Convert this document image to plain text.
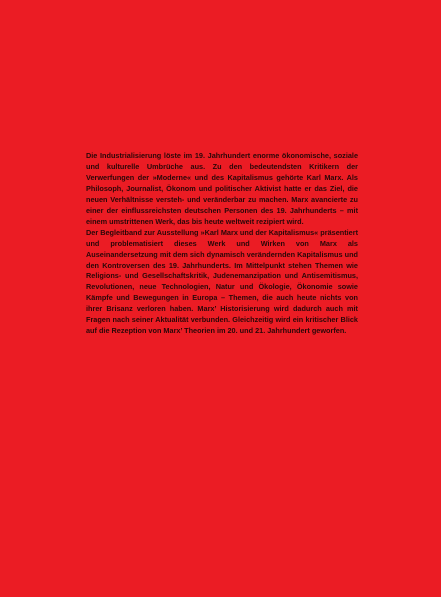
Die Industrialisierung löste im 19. Jahrhundert enorme ökonomische, soziale und kulturelle Umbrüche aus. Zu den bedeutendsten Kritikern der Verwerfungen der »Moderne« und des Kapitalismus gehörte Karl Marx. Als Philosoph, Journalist, Ökonom und politischer Aktivist hatte er das Ziel, die neuen Verhältnisse versteh- und veränderbar zu machen. Marx avancierte zu einer der einflussreichsten deutschen Personen des 19. Jahrhunderts – mit einem umstrittenen Werk, das bis heute weltweit rezipiert wird.

Der Begleitband zur Ausstellung »Karl Marx und der Kapitalismus« präsentiert und problematisiert dieses Werk und Wirken von Marx als Auseinandersetzung mit dem sich dynamisch verändernden Kapitalismus und den Kontroversen des 19. Jahrhunderts. Im Mittelpunkt stehen Themen wie Religions- und Gesellschaftskritik, Judenemanzipation und Antisemitismus, Revolutionen, neue Technologien, Natur und Ökologie, Ökonomie sowie Kämpfe und Bewegungen in Europa – Themen, die auch heute nichts von ihrer Brisanz verloren haben. Marx’ Historisierung wird dadurch auch mit Fragen nach seiner Aktualität verbunden. Gleichzeitig wird ein kritischer Blick auf die Rezeption von Marx’ Theorien im 20. und 21. Jahrhundert geworfen.
